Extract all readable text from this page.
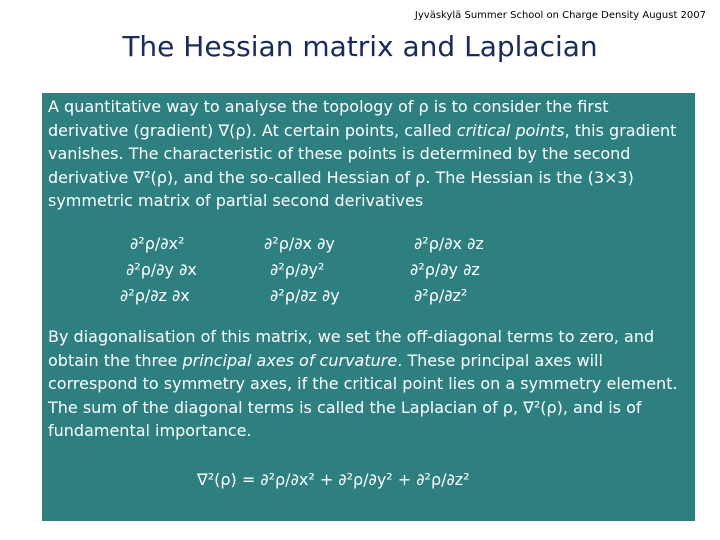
Jyväskylä Summer School on Charge Density August 2007
The Hessian matrix and Laplacian

A quantitative way to analyse the topology of ρ is to consider the first derivative (gradient) ∇(ρ). At certain points, called critical points, this gradient vanishes. The characteristic of these points is determined by the second derivative ∇²(ρ), and the so-called Hessian of ρ. The Hessian is the (3×3) symmetric matrix of partial second derivatives

∂²ρ/∂x²	∂²ρ/∂x ∂y	∂²ρ/∂x ∂z
∂²ρ/∂y ∂x	∂²ρ/∂y²	∂²ρ/∂y ∂z
∂²ρ/∂z ∂x	∂²ρ/∂z ∂y	∂²ρ/∂z²

By diagonalisation of this matrix, we set the off-diagonal terms to zero, and obtain the three principal axes of curvature. These principal axes will correspond to symmetry axes, if the critical point lies on a symmetry element. The sum of the diagonal terms is called the Laplacian of ρ, ∇²(ρ), and is of fundamental importance.

∇²(ρ) = ∂²ρ/∂x² + ∂²ρ/∂y² + ∂²ρ/∂z²
